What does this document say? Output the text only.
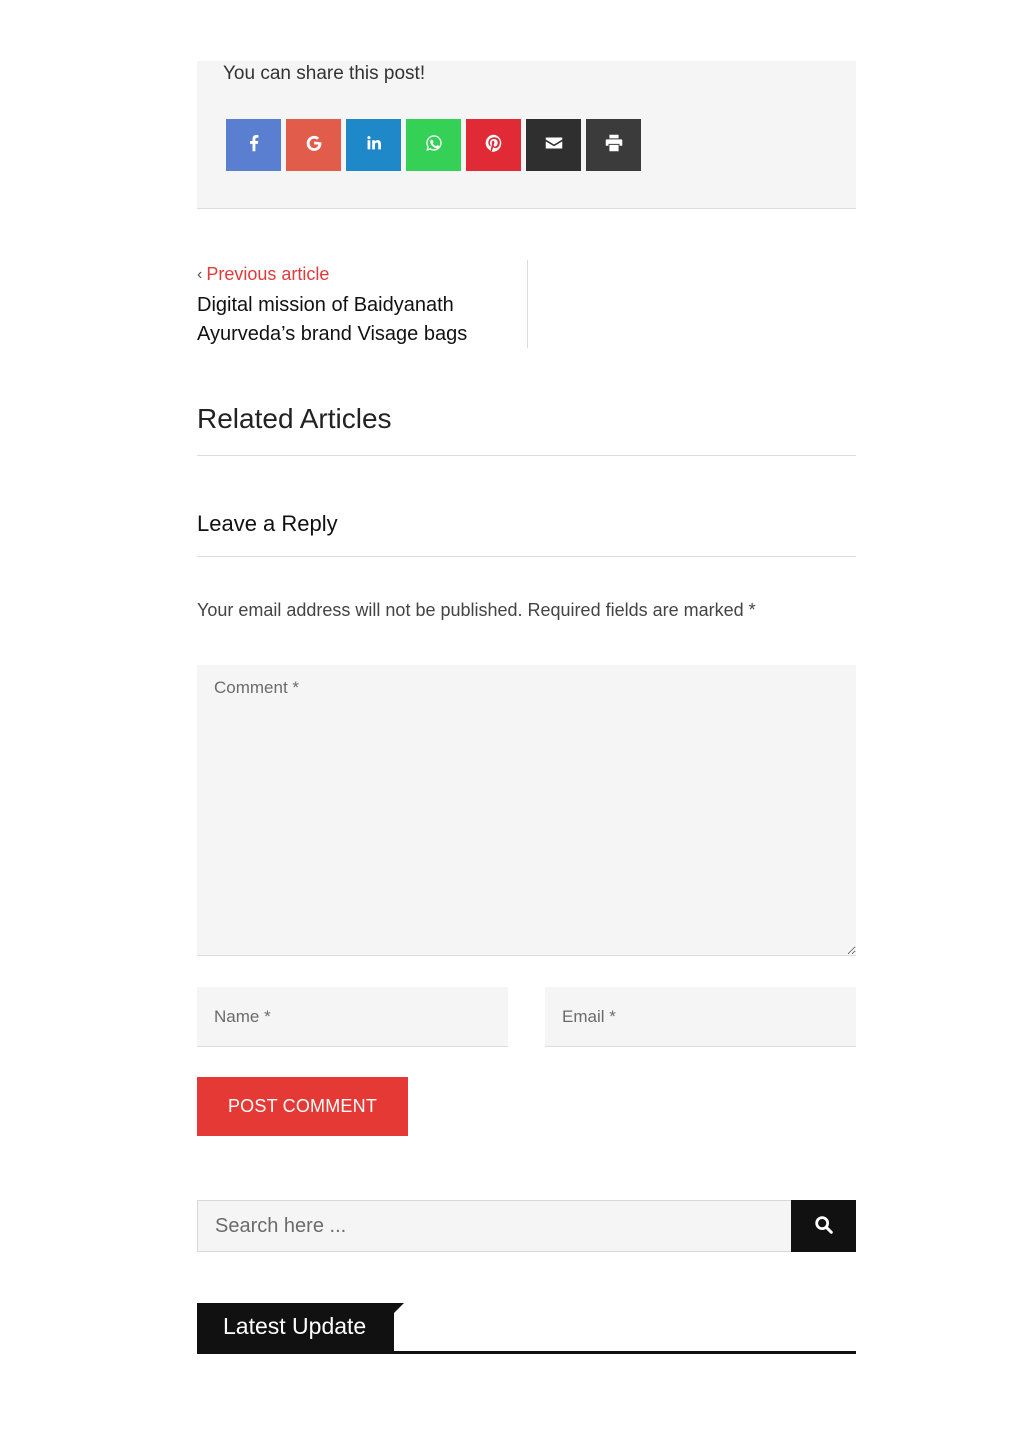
You can share this post!
‹ Previous article
Digital mission of Baidyanath Ayurveda’s brand Visage bags
Related Articles
Leave a Reply
Your email address will not be published. Required fields are marked *
Comment *
Name *
Email *
POST COMMENT
Search here ...
Latest Update
